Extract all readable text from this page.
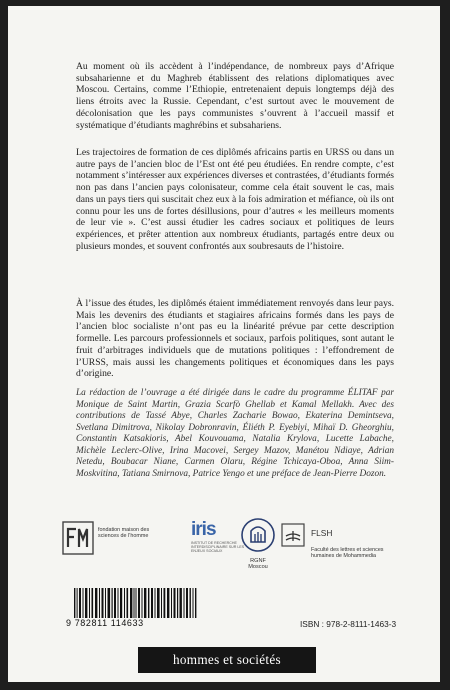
Au moment où ils accèdent à l’indépendance, de nombreux pays d’Afrique subsaharienne et du Maghreb établissent des relations diplomatiques avec Moscou. Certains, comme l’Ethiopie, entretenaient depuis longtemps déjà des liens étroits avec la Russie. Cependant, c’est surtout avec le mouvement de décolonisation que les pays communistes s’ouvrent à l’accueil massif et systématique d’étudiants maghrébins et subsahariens.

Les trajectoires de formation de ces diplômés africains partis en URSS ou dans un autre pays de l’ancien bloc de l’Est ont été peu étudiées. En rendre compte, c’est notamment s’intéresser aux expériences diverses et contrastées, d’étudiants formés non pas dans l’ancien pays colonisateur, comme cela était souvent le cas, mais dans un pays tiers qui suscitait chez eux à la fois admiration et méfiance, où ils ont connu pour les uns de fortes désillusions, pour d’autres « les meilleurs moments de leur vie ». C’est aussi étudier les cadres sociaux et politiques de leurs expériences, et prêter attention aux nombreux étudiants, partagés entre deux ou plusieurs mondes, et souvent confrontés aux soubresauts de l’histoire.

À l’issue des études, les diplômés étaient immédiatement renvoyés dans leur pays. Mais les devenirs des étudiants et stagiaires africains formés dans les pays de l’ancien bloc socialiste n’ont pas eu la linéarité prévue par cette description formelle. Les parcours professionnels et sociaux, parfois politiques, sont autant le fruit d’arbitrages individuels que de mutations politiques : l’effondrement de l’URSS, mais aussi les changements politiques et économiques dans les pays d’origine.

La rédaction de l’ouvrage a été dirigée dans le cadre du programme ÉLITAF par Monique de Saint Martin, Grazia Scarfò Ghellab et Kamal Mellakh. Avec des contributions de Tassé Abye, Charles Zacharie Bowao, Ekaterina Demintseva, Svetlana Dimitrova, Nikolay Dobronravin, Éliéth P. Eyebiyi, Mihaï D. Gheorghiu, Constantin Katsakioris, Abel Kouvouama, Natalia Krylova, Lucette Labache, Michèle Leclerc-Olive, Irina Macovei, Sergey Mazov, Manétou Ndiaye, Adrian Netedu, Boubacar Niane, Carmen Olaru, Régine Tchicaya-Oboa, Anna Siim-Moskvitina, Tatiana Smirnova, Patrice Yengo et une préface de Jean-Pierre Dozon.

fondation maison des sciences de l’homme iris
INSTITUT DE RECHERCHE INTERDISCIPLINAIRE SUR LES ENJEUX SOCIAUX
RGNF
Moscou
FLSH
Faculté des lettres et sciences humaines de Mohammedia
9 782811 114633	ISBN : 978-2-8111-1463-3
hommes et sociétés
